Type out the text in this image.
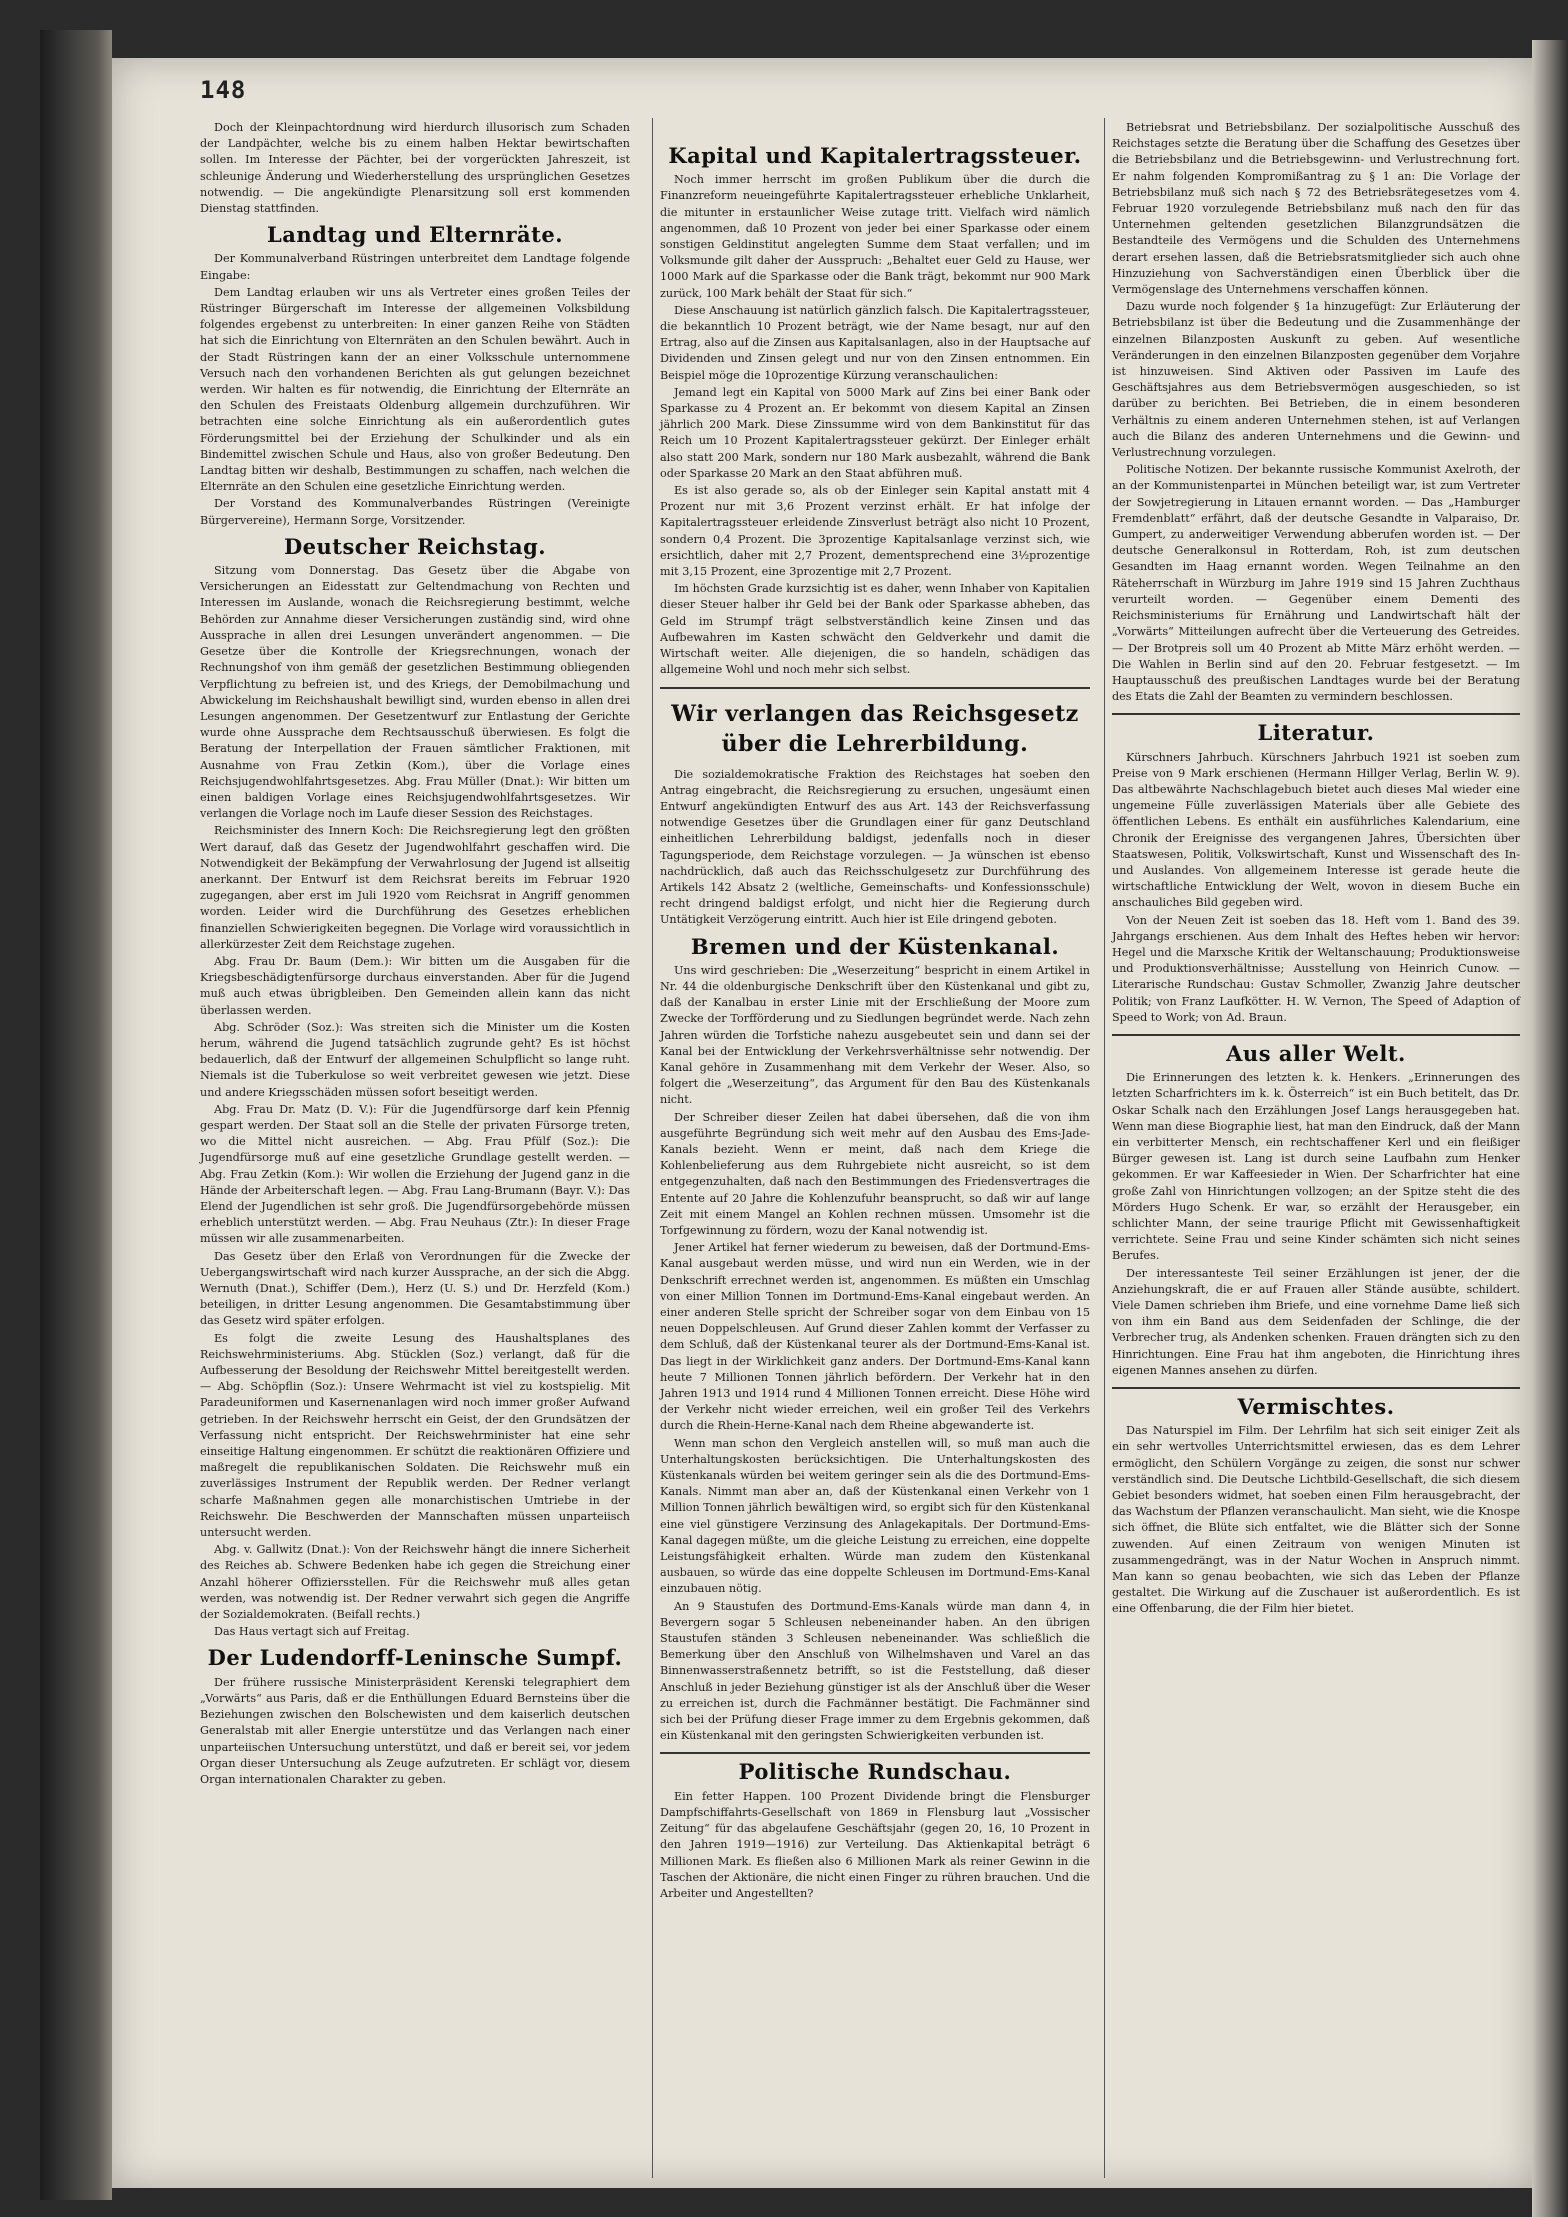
148

Doch der Kleinpachtordnung wird hierdurch illusorisch zum Schaden der Landpächter, welche bis zu einem halben Hektar bewirtschaften sollen. Im Interesse der Pächter, bei der vorgerückten Jahreszeit, ist schleunige Änderung und Wiederherstellung des ursprünglichen Gesetzes notwendig. — Die angekündigte Plenarsitzung soll erst kommenden Dienstag stattfinden.

Landtag und Elternräte.

Der Kommunalverband Rüstringen unterbreitet dem Landtage folgende Eingabe:

Dem Landtag erlauben wir uns als Vertreter eines großen Teiles der Rüstringer Bürgerschaft im Interesse der allgemeinen Volksbildung folgendes ergebenst zu unterbreiten: In einer ganzen Reihe von Städten hat sich die Einrichtung von Elternräten an den Schulen bewährt. Auch in der Stadt Rüstringen kann der an einer Volksschule unternommene Versuch nach den vorhandenen Berichten als gut gelungen bezeichnet werden. Wir halten es für notwendig, die Einrichtung der Elternräte an den Schulen des Freistaats Oldenburg allgemein durchzuführen. Wir betrachten eine solche Einrichtung als ein außerordentlich gutes Förderungsmittel bei der Erziehung der Schulkinder und als ein Bindemittel zwischen Schule und Haus, also von großer Bedeutung. Den Landtag bitten wir deshalb, Bestimmungen zu schaffen, nach welchen die Elternräte an den Schulen eine gesetzliche Einrichtung werden.

Der Vorstand des Kommunalverbandes Rüstringen (Vereinigte Bürgervereine), Hermann Sorge, Vorsitzender.

Deutscher Reichstag.

Sitzung vom Donnerstag. Das Gesetz über die Abgabe von Versicherungen an Eidesstatt zur Geltendmachung von Rechten und Interessen im Auslande, wonach die Reichsregierung bestimmt, welche Behörden zur Annahme dieser Versicherungen zuständig sind, wird ohne Aussprache in allen drei Lesungen unverändert angenommen. — Die Gesetze über die Kontrolle der Kriegsrechnungen, wonach der Rechnungshof von ihm gemäß der gesetzlichen Bestimmung obliegenden Verpflichtung zu befreien ist, und des Kriegs, der Demobilmachung und Abwickelung im Reichshaushalt bewilligt sind, wurden ebenso in allen drei Lesungen angenommen. Der Gesetzentwurf zur Entlastung der Gerichte wurde ohne Aussprache dem Rechtsausschuß überwiesen. Es folgt die Beratung der Interpellation der Frauen sämtlicher Fraktionen, mit Ausnahme von Frau Zetkin (Kom.), über die Vorlage eines Reichsjugendwohlfahrtsgesetzes. Abg. Frau Müller (Dnat.): Wir bitten um einen baldigen Vorlage eines Reichsjugendwohlfahrtsgesetzes. Wir verlangen die Vorlage noch im Laufe dieser Session des Reichstages.

Reichsminister des Innern Koch: Die Reichsregierung legt den größten Wert darauf, daß das Gesetz der Jugendwohlfahrt geschaffen wird. Die Notwendigkeit der Bekämpfung der Verwahrlosung der Jugend ist allseitig anerkannt. Der Entwurf ist dem Reichsrat bereits im Februar 1920 zugegangen, aber erst im Juli 1920 vom Reichsrat in Angriff genommen worden. Leider wird die Durchführung des Gesetzes erheblichen finanziellen Schwierigkeiten begegnen. Die Vorlage wird voraussichtlich in allerkürzester Zeit dem Reichstage zugehen.

Abg. Frau Dr. Baum (Dem.): Wir bitten um die Ausgaben für die Kriegsbeschädigtenfürsorge durchaus einverstanden. Aber für die Jugend muß auch etwas übrigbleiben. Den Gemeinden allein kann das nicht überlassen werden.

Abg. Schröder (Soz.): Was streiten sich die Minister um die Kosten herum, während die Jugend tatsächlich zugrunde geht? Es ist höchst bedauerlich, daß der Entwurf der allgemeinen Schulpflicht so lange ruht. Niemals ist die Tuberkulose so weit verbreitet gewesen wie jetzt. Diese und andere Kriegsschäden müssen sofort beseitigt werden.

Abg. Frau Dr. Matz (D. V.): Für die Jugendfürsorge darf kein Pfennig gespart werden. Der Staat soll an die Stelle der privaten Fürsorge treten, wo die Mittel nicht ausreichen. — Abg. Frau Pfülf (Soz.): Die Jugendfürsorge muß auf eine gesetzliche Grundlage gestellt werden. — Abg. Frau Zetkin (Kom.): Wir wollen die Erziehung der Jugend ganz in die Hände der Arbeiterschaft legen. — Abg. Frau Lang-Brumann (Bayr. V.): Das Elend der Jugendlichen ist sehr groß. Die Jugendfürsorgebehörde müssen erheblich unterstützt werden. — Abg. Frau Neuhaus (Ztr.): In dieser Frage müssen wir alle zusammenarbeiten.

Das Gesetz über den Erlaß von Verordnungen für die Zwecke der Uebergangswirtschaft wird nach kurzer Aussprache, an der sich die Abgg. Wernuth (Dnat.), Schiffer (Dem.), Herz (U. S.) und Dr. Herzfeld (Kom.) beteiligen, in dritter Lesung angenommen. Die Gesamtabstimmung über das Gesetz wird später erfolgen.

Es folgt die zweite Lesung des Haushaltsplanes des Reichswehrministeriums. Abg. Stücklen (Soz.) verlangt, daß für die Aufbesserung der Besoldung der Reichswehr Mittel bereitgestellt werden. — Abg. Schöpflin (Soz.): Unsere Wehrmacht ist viel zu kostspielig. Mit Paradeuniformen und Kasernenanlagen wird noch immer großer Aufwand getrieben. In der Reichswehr herrscht ein Geist, der den Grundsätzen der Verfassung nicht entspricht. Der Reichswehrminister hat eine sehr einseitige Haltung eingenommen. Er schützt die reaktionären Offiziere und maßregelt die republikanischen Soldaten. Die Reichswehr muß ein zuverlässiges Instrument der Republik werden. Der Redner verlangt scharfe Maßnahmen gegen alle monarchistischen Umtriebe in der Reichswehr. Die Beschwerden der Mannschaften müssen unparteiisch untersucht werden.

Abg. v. Gallwitz (Dnat.): Von der Reichswehr hängt die innere Sicherheit des Reiches ab. Schwere Bedenken habe ich gegen die Streichung einer Anzahl höherer Offiziersstellen. Für die Reichswehr muß alles getan werden, was notwendig ist. Der Redner verwahrt sich gegen die Angriffe der Sozialdemokraten. (Beifall rechts.)

Das Haus vertagt sich auf Freitag.

Der Ludendorff-Leninsche Sumpf.

Der frühere russische Ministerpräsident Kerenski telegraphiert dem „Vorwärts“ aus Paris, daß er die Enthüllungen Eduard Bernsteins über die Beziehungen zwischen den Bolschewisten und dem kaiserlich deutschen Generalstab mit aller Energie unterstütze und das Verlangen nach einer unparteiischen Untersuchung unterstützt, und daß er bereit sei, vor jedem Organ dieser Untersuchung als Zeuge aufzutreten. Er schlägt vor, diesem Organ internationalen Charakter zu geben.

Kapital und Kapitalertragssteuer.

Noch immer herrscht im großen Publikum über die durch die Finanzreform neueingeführte Kapitalertragssteuer erhebliche Unklarheit, die mitunter in erstaunlicher Weise zutage tritt. Vielfach wird nämlich angenommen, daß 10 Prozent von jeder bei einer Sparkasse oder einem sonstigen Geldinstitut angelegten Summe dem Staat verfallen; und im Volksmunde gilt daher der Ausspruch: „Behaltet euer Geld zu Hause, wer 1000 Mark auf die Sparkasse oder die Bank trägt, bekommt nur 900 Mark zurück, 100 Mark behält der Staat für sich.“

Diese Anschauung ist natürlich gänzlich falsch. Die Kapitalertragssteuer, die bekanntlich 10 Prozent beträgt, wie der Name besagt, nur auf den Ertrag, also auf die Zinsen aus Kapitalsanlagen, also in der Hauptsache auf Dividenden und Zinsen gelegt und nur von den Zinsen entnommen. Ein Beispiel möge die 10prozentige Kürzung veranschaulichen:

Jemand legt ein Kapital von 5000 Mark auf Zins bei einer Bank oder Sparkasse zu 4 Prozent an. Er bekommt von diesem Kapital an Zinsen jährlich 200 Mark. Diese Zinssumme wird von dem Bankinstitut für das Reich um 10 Prozent Kapitalertragssteuer gekürzt. Der Einleger erhält also statt 200 Mark, sondern nur 180 Mark ausbezahlt, während die Bank oder Sparkasse 20 Mark an den Staat abführen muß.

Es ist also gerade so, als ob der Einleger sein Kapital anstatt mit 4 Prozent nur mit 3,6 Prozent verzinst erhält. Er hat infolge der Kapitalertragssteuer erleidende Zinsverlust beträgt also nicht 10 Prozent, sondern 0,4 Prozent. Die 3prozentige Kapitalsanlage verzinst sich, wie ersichtlich, daher mit 2,7 Prozent, dementsprechend eine 3½prozentige mit 3,15 Prozent, eine 3prozentige mit 2,7 Prozent.

Im höchsten Grade kurzsichtig ist es daher, wenn Inhaber von Kapitalien dieser Steuer halber ihr Geld bei der Bank oder Sparkasse abheben, das Geld im Strumpf trägt selbstverständlich keine Zinsen und das Aufbewahren im Kasten schwächt den Geldverkehr und damit die Wirtschaft weiter. Alle diejenigen, die so handeln, schädigen das allgemeine Wohl und noch mehr sich selbst.

Wir verlangen das Reichsgesetz über die Lehrerbildung.

Die sozialdemokratische Fraktion des Reichstages hat soeben den Antrag eingebracht, die Reichsregierung zu ersuchen, ungesäumt einen Entwurf angekündigten Entwurf des aus Art. 143 der Reichsverfassung notwendige Gesetzes über die Grundlagen einer für ganz Deutschland einheitlichen Lehrerbildung baldigst, jedenfalls noch in dieser Tagungsperiode, dem Reichstage vorzulegen. — Ja wünschen ist ebenso nachdrücklich, daß auch das Reichsschulgesetz zur Durchführung des Artikels 142 Absatz 2 (weltliche, Gemeinschafts- und Konfessionsschule) recht dringend baldigst erfolgt, und nicht hier die Regierung durch Untätigkeit Verzögerung eintritt. Auch hier ist Eile dringend geboten.

Bremen und der Küstenkanal.

Uns wird geschrieben: Die „Weserzeitung“ bespricht in einem Artikel in Nr. 44 die oldenburgische Denkschrift über den Küstenkanal und gibt zu, daß der Kanalbau in erster Linie mit der Erschließung der Moore zum Zwecke der Torfförderung und zu Siedlungen begründet werde. Nach zehn Jahren würden die Torfstiche nahezu ausgebeutet sein und dann sei der Kanal bei der Entwicklung der Verkehrsverhältnisse sehr notwendig. Der Kanal gehöre in Zusammenhang mit dem Verkehr der Weser. Also, so folgert die „Weserzeitung“, das Argument für den Bau des Küstenkanals nicht.

Der Schreiber dieser Zeilen hat dabei übersehen, daß die von ihm ausgeführte Begründung sich weit mehr auf den Ausbau des Ems-Jade-Kanals bezieht. Wenn er meint, daß nach dem Kriege die Kohlenbelieferung aus dem Ruhrgebiete nicht ausreicht, so ist dem entgegenzuhalten, daß nach den Bestimmungen des Friedensvertrages die Entente auf 20 Jahre die Kohlenzufuhr beansprucht, so daß wir auf lange Zeit mit einem Mangel an Kohlen rechnen müssen. Umsomehr ist die Torfgewinnung zu fördern, wozu der Kanal notwendig ist.

Jener Artikel hat ferner wiederum zu beweisen, daß der Dortmund-Ems-Kanal ausgebaut werden müsse, und wird nun ein Werden, wie in der Denkschrift errechnet werden ist, angenommen. Es müßten ein Umschlag von einer Million Tonnen im Dortmund-Ems-Kanal eingebaut werden. An einer anderen Stelle spricht der Schreiber sogar von dem Einbau von 15 neuen Doppelschleusen. Auf Grund dieser Zahlen kommt der Verfasser zu dem Schluß, daß der Küstenkanal teurer als der Dortmund-Ems-Kanal ist. Das liegt in der Wirklichkeit ganz anders. Der Dortmund-Ems-Kanal kann heute 7 Millionen Tonnen jährlich befördern. Der Verkehr hat in den Jahren 1913 und 1914 rund 4 Millionen Tonnen erreicht. Diese Höhe wird der Verkehr nicht wieder erreichen, weil ein großer Teil des Verkehrs durch die Rhein-Herne-Kanal nach dem Rheine abgewanderte ist.

Wenn man schon den Vergleich anstellen will, so muß man auch die Unterhaltungskosten berücksichtigen. Die Unterhaltungskosten des Küstenkanals würden bei weitem geringer sein als die des Dortmund-Ems-Kanals. Nimmt man aber an, daß der Küstenkanal einen Verkehr von 1 Million Tonnen jährlich bewältigen wird, so ergibt sich für den Küstenkanal eine viel günstigere Verzinsung des Anlagekapitals. Der Dortmund-Ems-Kanal dagegen müßte, um die gleiche Leistung zu erreichen, eine doppelte Leistungsfähigkeit erhalten. Würde man zudem den Küstenkanal ausbauen, so würde das eine doppelte Schleusen im Dortmund-Ems-Kanal einzubauen nötig.

An 9 Staustufen des Dortmund-Ems-Kanals würde man dann 4, in Bevergern sogar 5 Schleusen nebeneinander haben. An den übrigen Staustufen ständen 3 Schleusen nebeneinander. Was schließlich die Bemerkung über den Anschluß von Wilhelmshaven und Varel an das Binnenwasserstraßennetz betrifft, so ist die Feststellung, daß dieser Anschluß in jeder Beziehung günstiger ist als der Anschluß über die Weser zu erreichen ist, durch die Fachmänner bestätigt. Die Fachmänner sind sich bei der Prüfung dieser Frage immer zu dem Ergebnis gekommen, daß ein Küstenkanal mit den geringsten Schwierigkeiten verbunden ist.

Politische Rundschau.

Ein fetter Happen. 100 Prozent Dividende bringt die Flensburger Dampfschiffahrts-Gesellschaft von 1869 in Flensburg laut „Vossischer Zeitung“ für das abgelaufene Geschäftsjahr (gegen 20, 16, 10 Prozent in den Jahren 1919—1916) zur Verteilung. Das Aktienkapital beträgt 6 Millionen Mark. Es fließen also 6 Millionen Mark als reiner Gewinn in die Taschen der Aktionäre, die nicht einen Finger zu rühren brauchen. Und die Arbeiter und Angestellten?

Betriebsrat und Betriebsbilanz. Der sozialpolitische Ausschuß des Reichstages setzte die Beratung über die Schaffung des Gesetzes über die Betriebsbilanz und die Betriebsgewinn- und Verlustrechnung fort. Er nahm folgenden Kompromißantrag zu § 1 an: Die Vorlage der Betriebsbilanz muß sich nach § 72 des Betriebsrätegesetzes vom 4. Februar 1920 vorzulegende Betriebsbilanz muß nach den für das Unternehmen geltenden gesetzlichen Bilanzgrundsätzen die Bestandteile des Vermögens und die Schulden des Unternehmens derart ersehen lassen, daß die Betriebsratsmitglieder sich auch ohne Hinzuziehung von Sachverständigen einen Überblick über die Vermögenslage des Unternehmens verschaffen können.

Dazu wurde noch folgender § 1a hinzugefügt: Zur Erläuterung der Betriebsbilanz ist über die Bedeutung und die Zusammenhänge der einzelnen Bilanzposten Auskunft zu geben. Auf wesentliche Veränderungen in den einzelnen Bilanzposten gegenüber dem Vorjahre ist hinzuweisen. Sind Aktiven oder Passiven im Laufe des Geschäftsjahres aus dem Betriebsvermögen ausgeschieden, so ist darüber zu berichten. Bei Betrieben, die in einem besonderen Verhältnis zu einem anderen Unternehmen stehen, ist auf Verlangen auch die Bilanz des anderen Unternehmens und die Gewinn- und Verlustrechnung vorzulegen.

Politische Notizen. Der bekannte russische Kommunist Axelroth, der an der Kommunistenpartei in München beteiligt war, ist zum Vertreter der Sowjetregierung in Litauen ernannt worden. — Das „Hamburger Fremdenblatt“ erfährt, daß der deutsche Gesandte in Valparaiso, Dr. Gumpert, zu anderweitiger Verwendung abberufen worden ist. — Der deutsche Generalkonsul in Rotterdam, Roh, ist zum deutschen Gesandten im Haag ernannt worden. Wegen Teilnahme an den Räteherrschaft in Würzburg im Jahre 1919 sind 15 Jahren Zuchthaus verurteilt worden. — Gegenüber einem Dementi des Reichsministeriums für Ernährung und Landwirtschaft hält der „Vorwärts“ Mitteilungen aufrecht über die Verteuerung des Getreides. — Der Brotpreis soll um 40 Prozent ab Mitte März erhöht werden. — Die Wahlen in Berlin sind auf den 20. Februar festgesetzt. — Im Hauptausschuß des preußischen Landtages wurde bei der Beratung des Etats die Zahl der Beamten zu vermindern beschlossen.

Literatur.

Kürschners Jahrbuch. Kürschners Jahrbuch 1921 ist soeben zum Preise von 9 Mark erschienen (Hermann Hillger Verlag, Berlin W. 9). Das altbewährte Nachschlagebuch bietet auch dieses Mal wieder eine ungemeine Fülle zuverlässigen Materials über alle Gebiete des öffentlichen Lebens. Es enthält ein ausführliches Kalendarium, eine Chronik der Ereignisse des vergangenen Jahres, Übersichten über Staatswesen, Politik, Volkswirtschaft, Kunst und Wissenschaft des In- und Auslandes. Von allgemeinem Interesse ist gerade heute die wirtschaftliche Entwicklung der Welt, wovon in diesem Buche ein anschauliches Bild gegeben wird.

Von der Neuen Zeit ist soeben das 18. Heft vom 1. Band des 39. Jahrgangs erschienen. Aus dem Inhalt des Heftes heben wir hervor: Hegel und die Marxsche Kritik der Weltanschauung; Produktionsweise und Produktionsverhältnisse; Ausstellung von Heinrich Cunow. — Literarische Rundschau: Gustav Schmoller, Zwanzig Jahre deutscher Politik; von Franz Laufkötter. H. W. Vernon, The Speed of Adaption of Speed to Work; von Ad. Braun.

Aus aller Welt.

Die Erinnerungen des letzten k. k. Henkers. „Erinnerungen des letzten Scharfrichters im k. k. Österreich“ ist ein Buch betitelt, das Dr. Oskar Schalk nach den Erzählungen Josef Langs herausgegeben hat. Wenn man diese Biographie liest, hat man den Eindruck, daß der Mann ein verbitterter Mensch, ein rechtschaffener Kerl und ein fleißiger Bürger gewesen ist. Lang ist durch seine Laufbahn zum Henker gekommen. Er war Kaffeesieder in Wien. Der Scharfrichter hat eine große Zahl von Hinrichtungen vollzogen; an der Spitze steht die des Mörders Hugo Schenk. Er war, so erzählt der Herausgeber, ein schlichter Mann, der seine traurige Pflicht mit Gewissenhaftigkeit verrichtete. Seine Frau und seine Kinder schämten sich nicht seines Berufes.

Der interessanteste Teil seiner Erzählungen ist jener, der die Anziehungskraft, die er auf Frauen aller Stände ausübte, schildert. Viele Damen schrieben ihm Briefe, und eine vornehme Dame ließ sich von ihm ein Band aus dem Seidenfaden der Schlinge, die der Verbrecher trug, als Andenken schenken. Frauen drängten sich zu den Hinrichtungen. Eine Frau hat ihm angeboten, die Hinrichtung ihres eigenen Mannes ansehen zu dürfen.

Vermischtes.

Das Naturspiel im Film. Der Lehrfilm hat sich seit einiger Zeit als ein sehr wertvolles Unterrichtsmittel erwiesen, das es dem Lehrer ermöglicht, den Schülern Vorgänge zu zeigen, die sonst nur schwer verständlich sind. Die Deutsche Lichtbild-Gesellschaft, die sich diesem Gebiet besonders widmet, hat soeben einen Film herausgebracht, der das Wachstum der Pflanzen veranschaulicht. Man sieht, wie die Knospe sich öffnet, die Blüte sich entfaltet, wie die Blätter sich der Sonne zuwenden. Auf einen Zeitraum von wenigen Minuten ist zusammengedrängt, was in der Natur Wochen in Anspruch nimmt. Man kann so genau beobachten, wie sich das Leben der Pflanze gestaltet. Die Wirkung auf die Zuschauer ist außerordentlich. Es ist eine Offenbarung, die der Film hier bietet.
